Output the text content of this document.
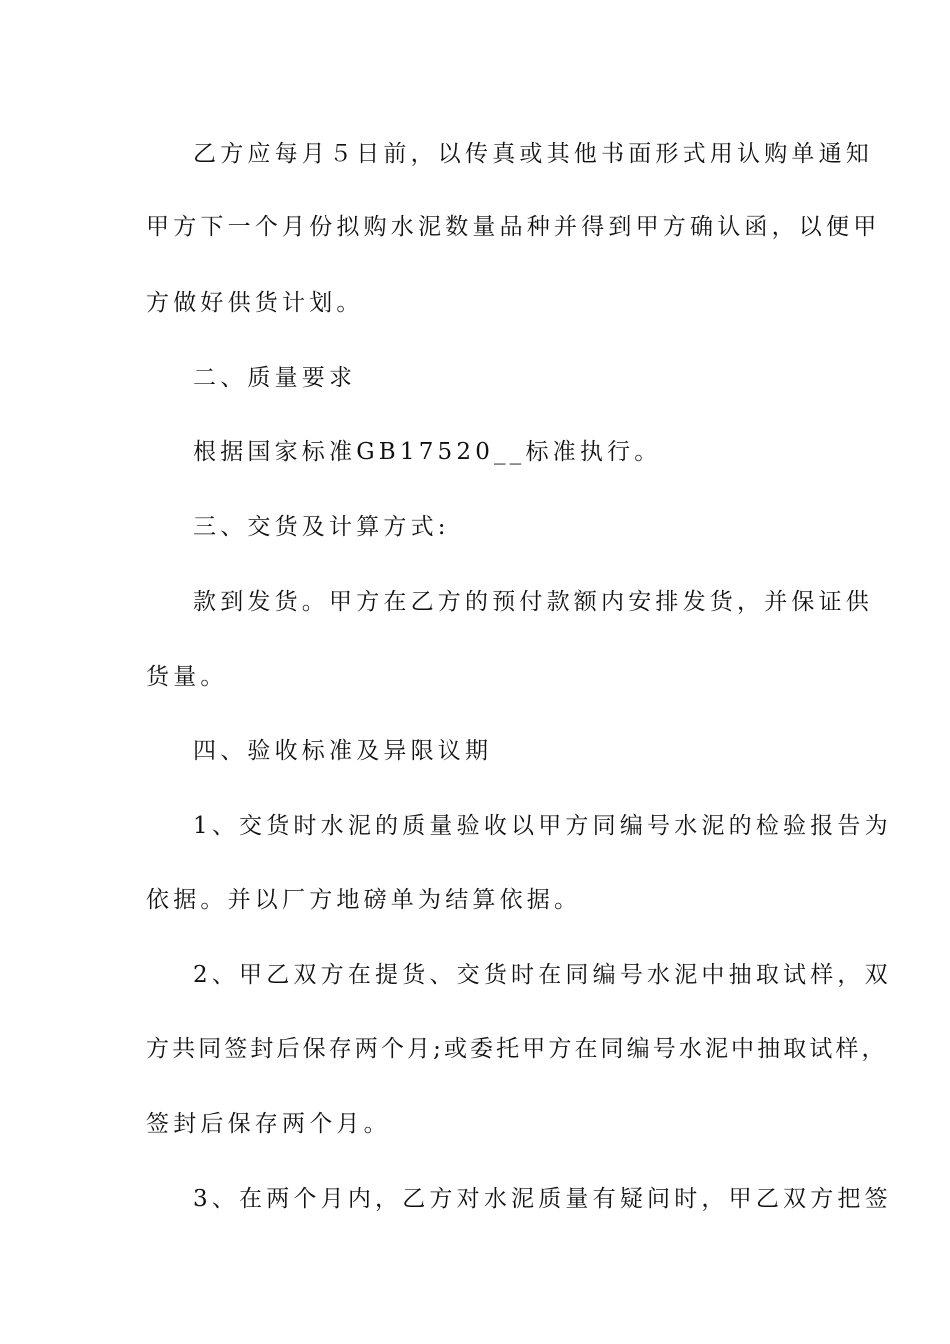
乙方应每月５日前，以传真或其他书面形式用认购单通知
甲方下一个月份拟购水泥数量品种并得到甲方确认函，以便甲
方做好供货计划。
二、质量要求
根据国家标准GB17520__标准执行。
三、交货及计算方式:
款到发货。甲方在乙方的预付款额内安排发货，并保证供
货量。
四、验收标准及异限议期
1、交货时水泥的质量验收以甲方同编号水泥的检验报告为
依据。并以厂方地磅单为结算依据。
2、甲乙双方在提货、交货时在同编号水泥中抽取试样，双
方共同签封后保存两个月;或委托甲方在同编号水泥中抽取试样，
签封后保存两个月。
3、在两个月内，乙方对水泥质量有疑问时，甲乙双方把签
